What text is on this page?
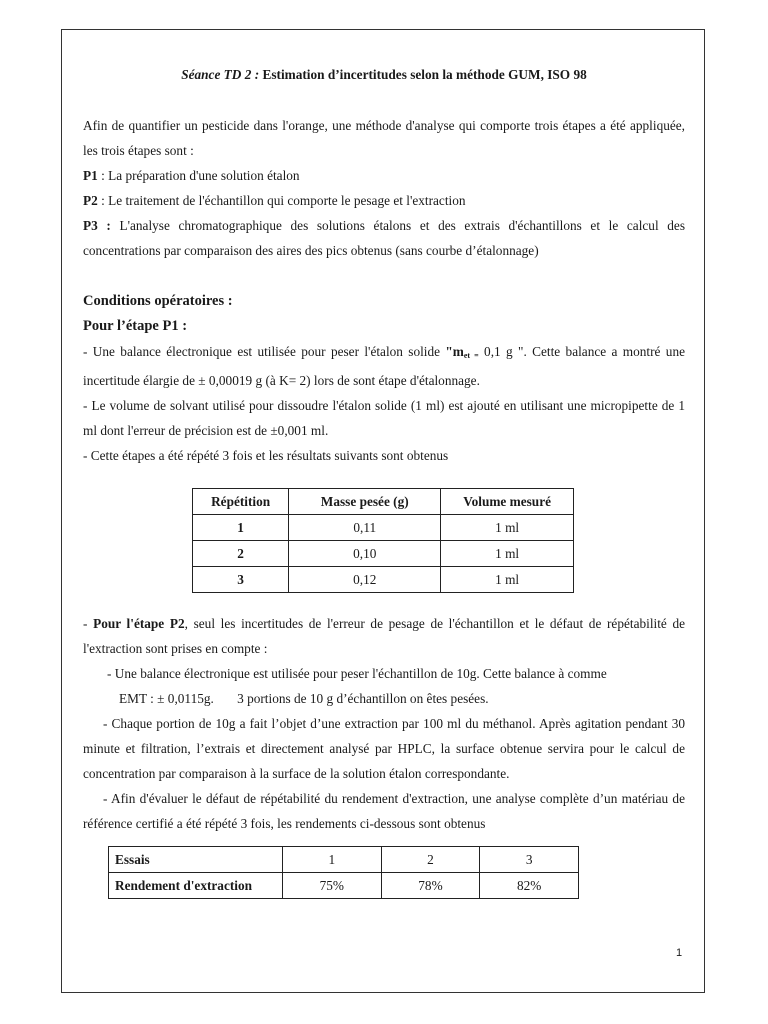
Séance TD 2 : Estimation d’incertitudes selon la méthode GUM, ISO 98

Afin de quantifier un pesticide dans l'orange, une méthode d'analyse qui comporte trois étapes a été appliquée, les trois étapes sont :

P1 : La préparation d'une solution étalon

P2 : Le traitement de l'échantillon qui comporte le pesage et l'extraction

P3 : L'analyse chromatographique des solutions étalons et des extrais d'échantillons et le calcul des concentrations par comparaison des aires des pics obtenus (sans courbe d’étalonnage)

Conditions opératoires :
Pour l’étape P1 :

- Une balance électronique est utilisée pour peser l'étalon solide "$m_{et =}$ 0,1 g ". Cette balance a montré une incertitude élargie de ± 0,00019 g (à K= 2) lors de sont étape d'étalonnage.

- Le volume de solvant utilisé pour dissoudre l'étalon solide (1 ml) est ajouté en utilisant une micropipette de 1 ml dont l'erreur de précision est de ±0,001 ml.

- Cette étapes a été répété 3 fois et les résultats suivants sont obtenus

Répétition	Masse pesée (g)	Volume mesuré
1	0,11	1 ml
2	0,10	1 ml
3	0,12	1 ml

- Pour l'étape P2, seul les incertitudes de l'erreur de pesage de l'échantillon et le défaut de répétabilité de l'extraction sont prises en compte :

- Une balance électronique est utilisée pour peser l'échantillon de 10g. Cette balance à comme

EMT : ± 0,0115g.       3 portions de 10 g d’échantillon on êtes pesées.

- Chaque portion de 10g a fait l’objet d’une extraction par 100 ml du méthanol. Après agitation pendant 30 minute et filtration, l’extrais et directement analysé par HPLC, la surface obtenue servira pour le calcul de concentration par comparaison à la surface de la solution étalon correspondante.

- Afin d'évaluer le défaut de répétabilité du rendement d'extraction, une analyse complète d’un matériau de référence certifié a été répété 3 fois, les rendements ci-dessous sont obtenus

Essais	1	2	3
Rendement d'extraction	75%	78%	82%
1
